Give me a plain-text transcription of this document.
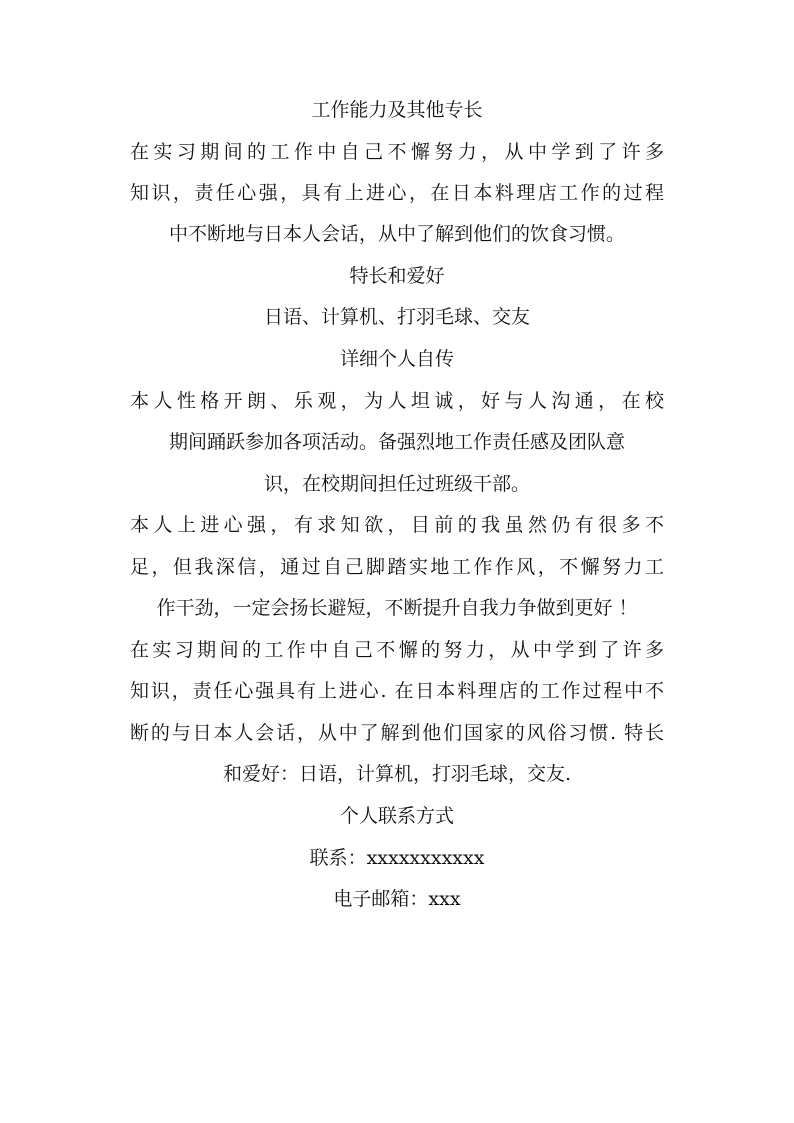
工作能力及其他专长
在实习期间的工作中自己不懈努力，从中学到了许多
知识，责任心强，具有上进心，在日本料理店工作的过程
中不断地与日本人会话，从中了解到他们的饮食习惯。
特长和爱好
日语、计算机、打羽毛球、交友
详细个人自传
本人性格开朗、乐观，为人坦诚，好与人沟通，在校
期间踊跃参加各项活动。备强烈地工作责任感及团队意
识，在校期间担任过班级干部。
本人上进心强，有求知欲，目前的我虽然仍有很多不
足，但我深信，通过自己脚踏实地工作作风，不懈努力工
作干劲，一定会扬长避短，不断提升自我力争做到更好 ！
在实习期间的工作中自己不懈的努力，从中学到了许多
知识，责任心强具有上进心. 在日本料理店的工作过程中不
断的与日本人会话，从中了解到他们国家的风俗习惯. 特长
和爱好：日语，计算机，打羽毛球，交友.
个人联系方式
联系：xxxxxxxxxxx
电子邮箱：xxx
